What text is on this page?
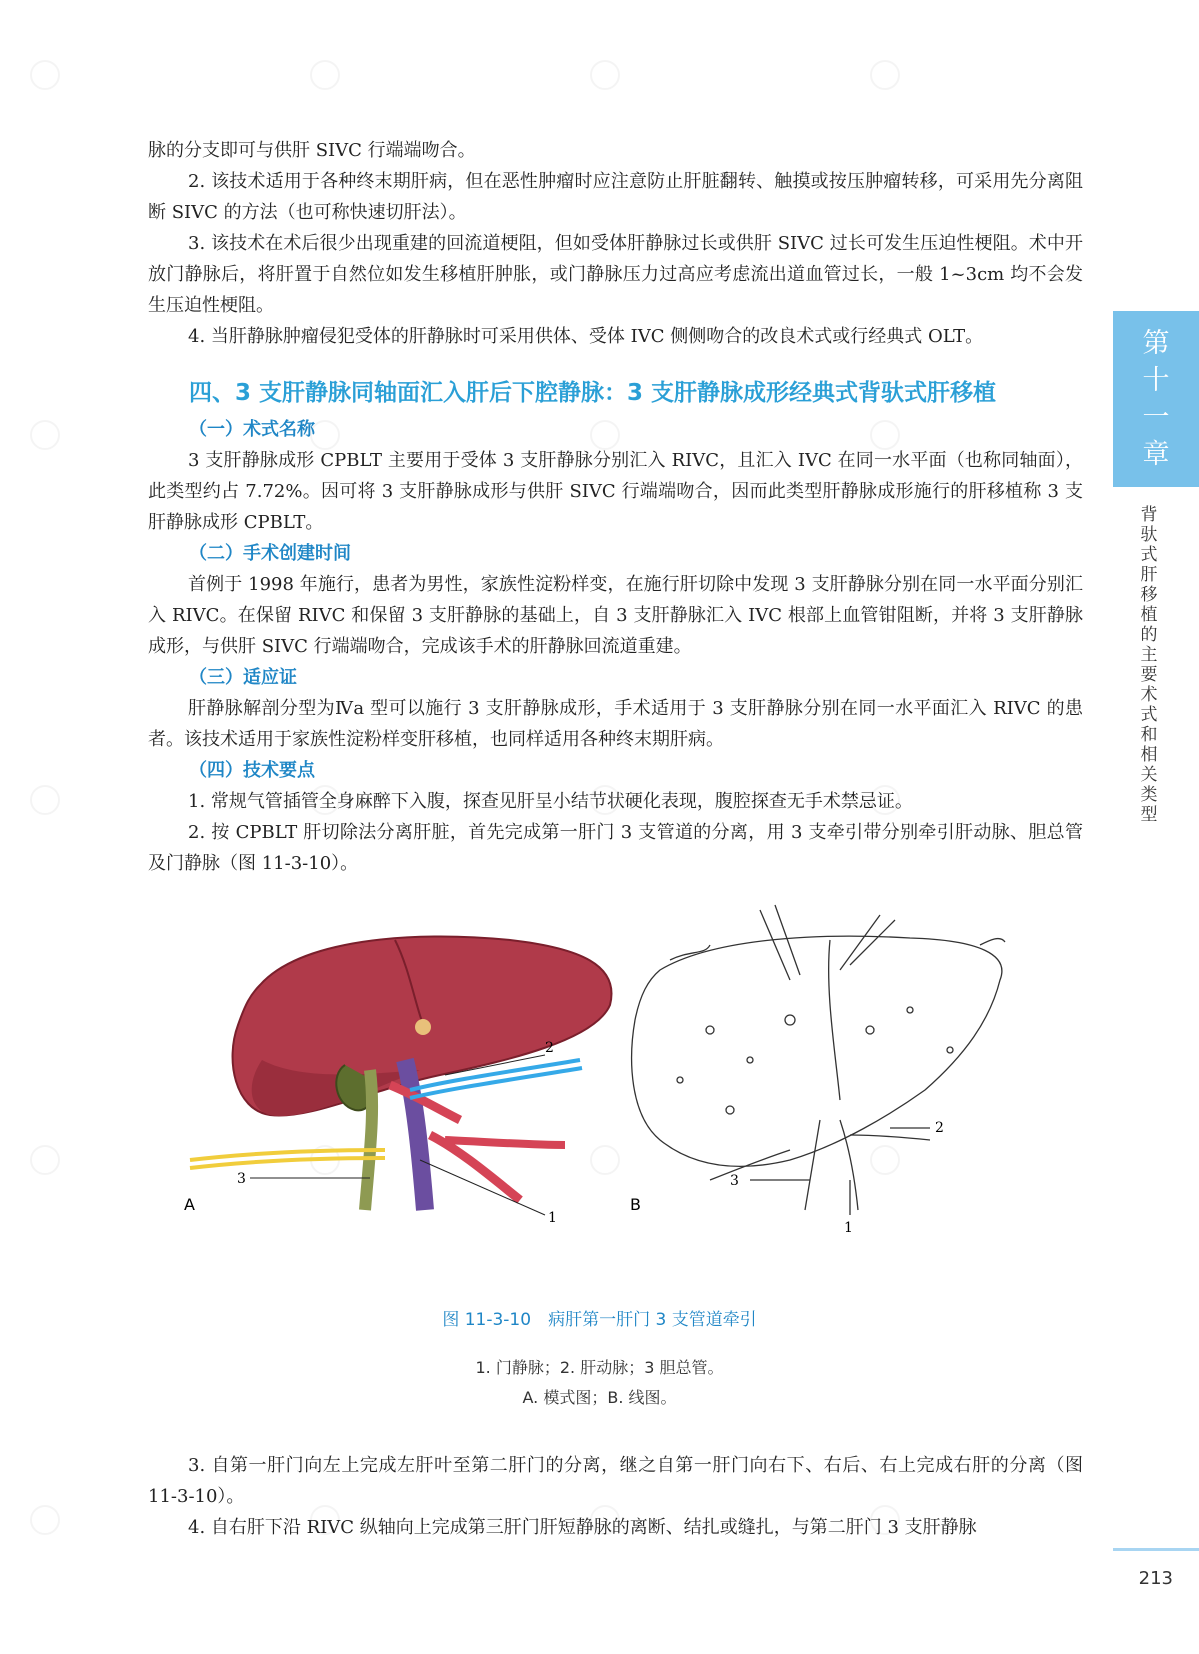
脉的分支即可与供肝 SIVC 行端端吻合。

2. 该技术适用于各种终末期肝病，但在恶性肿瘤时应注意防止肝脏翻转、触摸或按压肿瘤转移，可采用先分离阻断 SIVC 的方法（也可称快速切肝法）。

3. 该技术在术后很少出现重建的回流道梗阻，但如受体肝静脉过长或供肝 SIVC 过长可发生压迫性梗阻。术中开放门静脉后，将肝置于自然位如发生移植肝肿胀，或门静脉压力过高应考虑流出道血管过长，一般 1~3cm 均不会发生压迫性梗阻。

4. 当肝静脉肿瘤侵犯受体的肝静脉时可采用供体、受体 IVC 侧侧吻合的改良术式或行经典式 OLT。

四、3 支肝静脉同轴面汇入肝后下腔静脉：3 支肝静脉成形经典式背驮式肝移植
（一）术式名称

3 支肝静脉成形 CPBLT 主要用于受体 3 支肝静脉分别汇入 RIVC，且汇入 IVC 在同一水平面（也称同轴面），此类型约占 7.72%。因可将 3 支肝静脉成形与供肝 SIVC 行端端吻合，因而此类型肝静脉成形施行的肝移植称 3 支肝静脉成形 CPBLT。

（二）手术创建时间

首例于 1998 年施行，患者为男性，家族性淀粉样变，在施行肝切除中发现 3 支肝静脉分别在同一水平面分别汇入 RIVC。在保留 RIVC 和保留 3 支肝静脉的基础上，自 3 支肝静脉汇入 IVC 根部上血管钳阻断，并将 3 支肝静脉成形，与供肝 SIVC 行端端吻合，完成该手术的肝静脉回流道重建。

（三）适应证

肝静脉解剖分型为Ⅳa 型可以施行 3 支肝静脉成形，手术适用于 3 支肝静脉分别在同一水平面汇入 RIVC 的患者。该技术适用于家族性淀粉样变肝移植，也同样适用各种终末期肝病。

（四）技术要点

1. 常规气管插管全身麻醉下入腹，探查见肝呈小结节状硬化表现，腹腔探查无手术禁忌证。

2. 按 CPBLT 肝切除法分离肝脏，首先完成第一肝门 3 支管道的分离，用 3 支牵引带分别牵引肝动脉、胆总管及门静脉（图 11-3-10）。

第十一章
背驮式肝移植的主要术式和相关类型
2
1
3
A
2
3
1
B

图 11-3-10　病肝第一肝门 3 支管道牵引

1. 门静脉；2. 肝动脉；3 胆总管。

A. 模式图；B. 线图。

3. 自第一肝门向左上完成左肝叶至第二肝门的分离，继之自第一肝门向右下、右后、右上完成右肝的分离（图 11-3-10）。

4. 自右肝下沿 RIVC 纵轴向上完成第三肝门肝短静脉的离断、结扎或缝扎，与第二肝门 3 支肝静脉

213
